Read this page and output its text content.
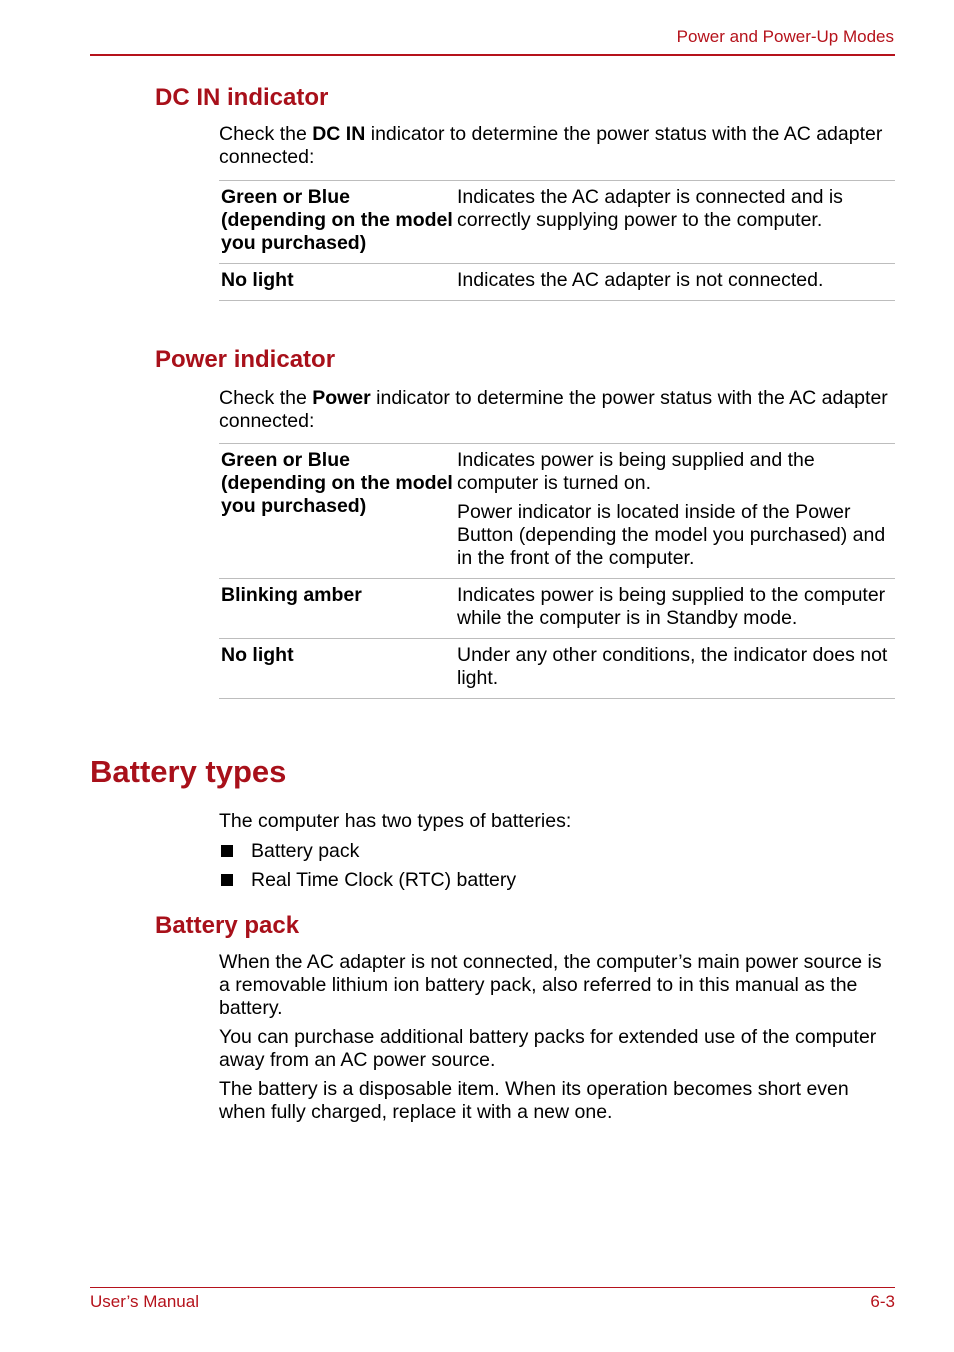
Power and Power-Up Modes
DC IN indicator

Check the DC IN indicator to determine the power status with the AC adapter connected:

Green or Blue (depending on the model you purchased)	Indicates the AC adapter is connected and is correctly supplying power to the computer.

No light	Indicates the AC adapter is not connected.

Power indicator

Check the Power indicator to determine the power status with the AC adapter connected:

Green or Blue (depending on the model you purchased)	Indicates power is being supplied and the computer is turned on.

Power indicator is located inside of the Power Button (depending the model you purchased) and in the front of the computer.

Blinking amber	Indicates power is being supplied to the computer while the computer is in Standby mode.

No light	Under any other conditions, the indicator does not light.

Battery types

The computer has two types of batteries:

Battery pack
Real Time Clock (RTC) battery
Battery pack

When the AC adapter is not connected, the computer’s main power source is a removable lithium ion battery pack, also referred to in this manual as the battery.

You can purchase additional battery packs for extended use of the computer away from an AC power source.

The battery is a disposable item. When its operation becomes short even when fully charged, replace it with a new one.

User’s Manual	6-3
